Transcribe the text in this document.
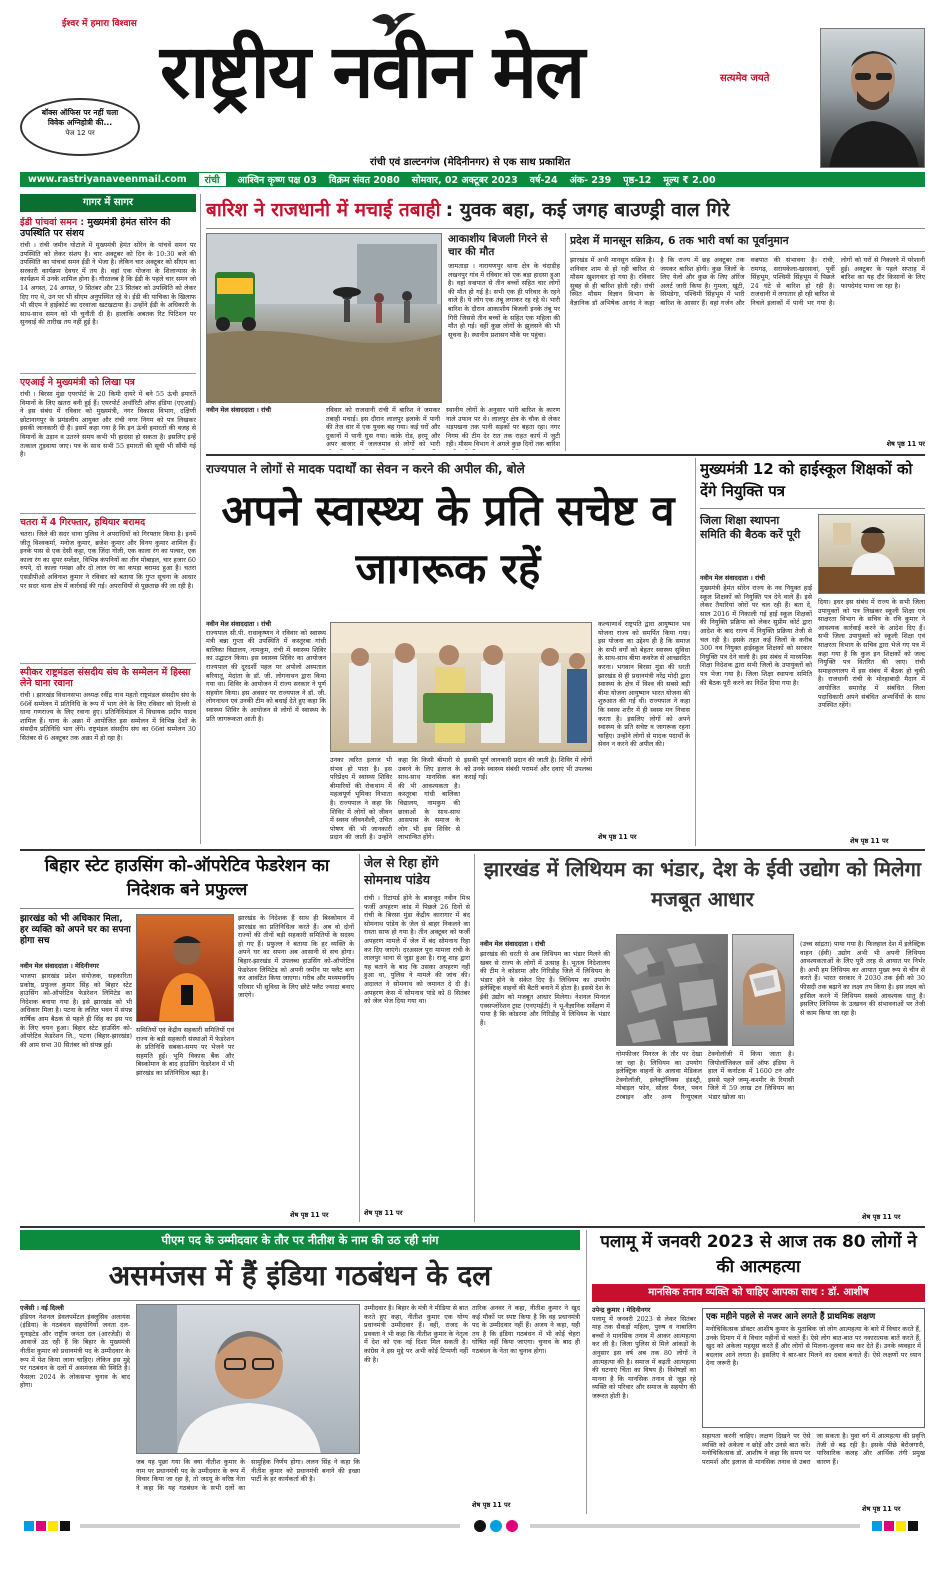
ईश्वर में हमारा विश्वास
राष्ट्रीय नवीन मेल	सत्यमेव जयते
रांची एवं डाल्टनगंज (मेदिनीनगर) से एक साथ प्रकाशित
बॉक्स ऑफिस पर नहीं चला विवेक अग्निहोत्री की...
पेज 12 पर
www.rastriyanaveenmail.com	रांची	आश्विन कृष्ण पक्ष 03 विक्रम संवत 2080 सोमवार, 02 अक्टूबर 2023 वर्ष-24 अंक- 239 पृष्ठ-12 मूल्य ₹ 2.00
गागर में सागर
ईडी पांचवां समन : मुख्यमंत्री हेमंत सोरेन की उपस्थिति पर संशय
रांची । रांची जमीन घोटाले में मुख्यमंत्री हेमंत सोरेन के पांचवें समन पर उपस्थिति को लेकर संशय है। चार अक्टूबर को दिन के 10:30 बजे की उपस्थिति का पांचवां समन ईडी ने भेजा है। लेकिन चार अक्टूबर को सीएम का सरकारी कार्यक्रम देवघर में तय है। वहां एक योजना के शिलान्यास के कार्यक्रम में उनके शामिल होना है। गौरतलब है कि ईडी के पहले चार समन जो 14 अगस्त, 24 अगस्त, 9 सितंबर और 23 सितंबर को उपस्थिति को लेकर दिए गए थे, उन पर भी सीएम अनुपस्थित रहे थे। ईडी की याचिका के खिलाफ भी सीएम ने हाईकोर्ट का दरवाजा खटखटाया है। उन्होंने ईडी के अधिकारी के साथ-साथ समन को भी चुनौती दी है। हालांकि अबतक रिट पिटिशन पर सुनवाई की तारीख तय नहीं हुई है।
एएआई ने मुख्यमंत्री को लिखा पत्र
रांची । बिरसा मुंडा एयरपोर्ट के 20 किमी दायरे में बने 55 ऊंची इमारतें विमानों के लिए खतरा बनी हुई हैं। एयरपोर्ट अथॉरिटी ऑफ इंडिया (एएआई) ने इस संबंध में रविवार को मुख्यमंत्री, नगर विकास विभाग, दक्षिणी छोटानागपुर के प्रमंडलीय आयुक्त और रांची नगर निगम को पत्र लिखकर इसकी जानकारी दी है। इसमें कहा गया है कि इन ऊंची इमारतों की वजह से विमानों के उड़ान व उतरने समय कभी भी हादसा हो सकता है। इसलिए इन्हें तत्काल तुड़वाया जाए। पत्र के साथ सभी 55 इमारतों की सूची भी सौंपी गई है।
चतरा में 4 गिरफ्तार, हथियार बरामद
चतरा। जिले की सदर थाना पुलिस ने अपराधियों को गिरफ्तार किया है। इनमें जीतू विश्वकर्मा, मनोज कुमार, ब्रजेश कुमार और विनय कुमार शामिल हैं। इनके पास से एक देसी कट्टा, एक जिंदा गोली, एक काला रंग का पल्सर, एक काला रंग का सुपर स्प्लेंडर, विभिन्न कंपनियों का तीन मोबाइल, चार हजार 60 रुपये, दो काला गमछा और दो लाल रंग का कपड़ा बरामद हुआ है। चतरा एसडीपीओ अविनाश कुमार ने रविवार को बताया कि गुप्त सूचना के आधार पर सदर थाना क्षेत्र में कार्रवाई की गई। अपराधियों से पूछताछ की जा रही है।
स्पीकर राष्ट्रमंडल संसदीय संघ के सम्मेलन में हिस्सा लेने घाना रवाना
रांची । झारखंड विधानसभा अध्यक्ष रवींद्र नाथ महतो राष्ट्रमंडल संसदीय संघ के 66वें सम्मेलन में प्रतिनिधि के रूप में भाग लेने के लिए रविवार को दिल्ली से घाना गणराज्य के लिए रवाना हुए। प्रतिनिधिमंडल में विधायक प्रदीप यादव शामिल हैं। घाना के अक्रा में आयोजित इस सम्मेलन में विभिन्न देशों के संसदीय प्रतिनिधि भाग लेंगे। राष्ट्रमंडल संसदीय संघ का 66वां सम्मेलन 30 सितंबर से 6 अक्टूबर तक अक्रा में हो रहा है।
बारिश ने राजधानी में मचाई तबाही : युवक बहा, कई जगह बाउण्ड्री वाल गिरे
आकाशीय बिजली गिरने से चार की मौत
जामताड़ा । नारायणपुर थाना क्षेत्र के चंदाडीह लखनपुर गांव में रविवार को एक बड़ा हादसा हुआ है। वहां वज्रपात से तीन बच्चों सहित चार लोगों की मौत हो गई है। सभी एक ही परिवार के रहने वाले हैं। ये लोग एक तंबू लगाकर रह रहे थे। भारी बारिश के दौरान आकाशीय बिजली इनके तंबू पर गिरी जिससे तीन बच्चों के सहित एक महिला की मौत हो गई। वहीं कुछ लोगों के झुलसने की भी सूचना है। स्थानीय प्रशासन मौके पर पहुंचा।
नवीन मेल संवाददाता । रांची	रविवार को राजधानी रांची में बारिश ने जमकर तबाही मचाई। इस दौरान लालपुर इलाके में पानी की तेज धार में एक युवक बह गया। कई घरों और दुकानों में पानी घुस गया। कांके रोड, हरमू और अपर बाजार में जलजमाव से लोगों को भारी
स्थानीय लोगों के अनुसार भारी बारिश के कारण नाले उफान पर थे। लालपुर क्षेत्र के चौक से लेकर थड़पखना तक पानी सड़कों पर बहता रहा। नगर निगम की टीम देर रात तक राहत कार्य में जुटी रही। मौसम विभाग ने अगले कुछ दिनों तक बारिश
प्रदेश में मानसून सक्रिय, 6 तक भारी वर्षा का पूर्वानुमान
झारखंड में अभी मानसून सक्रिय है। शनिवार शाम से हो रही बारिश से मौसम खुशगवार हो गया है। रविवार सुबह से ही बारिश होती रही। रांची स्थित मौसम विज्ञान विभाग के वैज्ञानिक डॉ अभिषेक आनंद ने कहा है कि राज्य में छह अक्टूबर तक जमकर बारिश होगी। कुछ जिलों के लिए येलो और कुछ के लिए ऑरेंज अलर्ट जारी किया है। गुमला, खूंटी, सिमडेगा, पश्चिमी सिंहभूम में भारी बारिश के आसार हैं। वहां गर्जन और वज्रपात की संभावना है। रांची, रामगढ़, सरायकेला-खरसावां, पूर्वी सिंहभूम, पश्चिमी सिंहभूम में पिछले 24 घंटे से बारिश हो रही है। राजधानी में लगातार हो रही बारिश से निचले इलाकों में पानी भर गया है। लोगों को घरों से निकलने में परेशानी हुई। अक्टूबर के पहले सप्ताह में बारिश का यह दौर किसानों के लिए फायदेमंद माना जा रहा है।
शेष पृष्ठ 11 पर
राज्यपाल ने लोगों से मादक पदार्थों का सेवन न करने की अपील की, बोले
अपने स्वास्थ्य के प्रति सचेष्ट व जागरूक रहें
नवीन मेल संवाददाता । रांची
राज्यपाल सी.पी. राधाकृष्णन ने रविवार को स्वास्थ्य मंत्री बन्ना गुप्ता की उपस्थिति में कस्तूरबा गांधी बालिका विद्यालय, नामकुम, रांची में स्वास्थ्य शिविर का उद्घाटन किया। इस स्वास्थ्य शिविर का आयोजन राज्यपाल की दूरदर्शी पहल पर अपोलो अस्पताल बरियातू, मेदांता के डॉ. जी. लोगनाथन द्वारा किया गया था। शिविर के आयोजन में राज्य सरकार ने पूर्ण सहयोग किया। इस अवसर पर राज्यपाल ने डॉ. जी. लोगनाथन एवं उनकी टीम को बधाई देते हुए कहा कि स्वास्थ्य शिविर के आयोजन से लोगों में स्वास्थ्य के प्रति जागरूकता आती है।
उनका त्वरित इलाज भी संभव हो पाता है। इस परिप्रेक्ष्य में स्वास्थ्य शिविर बीमारियों की रोकथाम में महत्वपूर्ण भूमिका निभाता है। राज्यपाल ने कहा कि शिविर में लोगों को जीवन में स्वस्थ जीवनशैली, उचित पोषण की भी जानकारी प्रदान की जाती है। उन्होंने कहा कि किसी बीमारी से उबरने के लिए इलाज के साथ-साथ मानसिक बल की भी आवश्यकता है। कस्तूरबा गांधी बालिका विद्यालय, नामकुम की छात्राओं के साथ-साथ आसपास के समाज के लोग भी इस शिविर से लाभान्वित होंगे।
इसकी पूर्ण जानकारी प्रदान की जाती है। शिविर में लोगों को उनके स्वास्थ्य संबंधी परामर्श और दवाएं भी उपलब्ध कराई गईं।
कल्याणार्थ राष्ट्रपति द्वारा आयुष्मान भव योजना राज्य को समर्पित किया गया। इस योजना का उद्देश्य ही है कि समाज के सभी वर्गों को बेहतर स्वास्थ्य सुविधा के साथ-साथ बीमा कवरेज से आच्छादित करना। भगवान बिरसा मुंडा की धरती झारखंड से ही प्रधानमंत्री नरेंद्र मोदी द्वारा स्वास्थ्य के क्षेत्र में विश्व की सबसे बड़ी बीमा योजना आयुष्मान भारत योजना की शुरुआत की गई थी। राज्यपाल ने कहा कि स्वस्थ शरीर में ही स्वस्थ मन निवास करता है। इसलिए लोगों को अपने स्वास्थ्य के प्रति सचेष्ट व जागरूक रहना चाहिए। उन्होंने लोगों से मादक पदार्थों के सेवन न करने की अपील की।
शेष पृष्ठ 11 पर
मुख्यमंत्री 12 को हाईस्कूल शिक्षकों को देंगे नियुक्ति पत्र
जिला शिक्षा स्थापना समिति की बैठक करें पूरी
नवीन मेल संवाददाता । रांची
मुख्यमंत्री हेमंत सोरेन राज्य के नव नियुक्त हाई स्कूल शिक्षकों को नियुक्ति पत्र देने वाले हैं। इसे लेकर तैयारियां जोरों पर चल रही हैं। बता दें, साल 2016 में निकाली गई हाई स्कूल शिक्षकों की नियुक्ति प्रक्रिया को लेकर सुप्रीम कोर्ट द्वारा आदेश के बाद राज्य में नियुक्ति प्रक्रिया तेजी से चल रही है। इसके तहत कई जिलों के करीब 300 नव नियुक्त हाईस्कूल शिक्षकों को सरकार नियुक्ति पत्र देने वाली है। इस संबंध में माध्यमिक शिक्षा निदेशक द्वारा सभी जिलों के उपायुक्तों को पत्र भेजा गया है। जिला शिक्षा स्थापना समिति की बैठक पूरी करने का निर्देश दिया गया है।
दिया। इधर इस संबंध में राज्य के सभी जिला उपायुक्तों को पत्र लिखकर स्कूली शिक्षा एवं साक्षरता विभाग के सचिव के रवि कुमार ने आवश्यक कार्रवाई करने के आदेश दिए हैं। सभी जिला उपायुक्तों को स्कूली शिक्षा एवं साक्षरता विभाग के सचिव द्वारा भेजे गए पत्र में कहा गया है कि कुल इन शिक्षकों को जल्द नियुक्ति पत्र वितरित की जाए। रांची समाहरणालय में इस संबंध में बैठक हो चुकी है। राजधानी रांची के मोरहाबादी मैदान में आयोजित समारोह में संबंधित जिला पदाधिकारी अपने संबंधित अभ्यर्थियों के साथ उपस्थित रहेंगे।
शेष पृष्ठ 11 पर
बिहार स्टेट हाउसिंग को-ऑपरेटिव फेडरेशन का निदेशक बने प्रफुल्ल
झारखंड को भी अधिकार मिला, हर व्यक्ति को अपने घर का सपना होगा सच
नवीन मेल संवाददाता । मेदिनीनगर
भाजपा झारखंड प्रदेश संयोजक, सहकारिता प्रकोष्ठ, प्रफुल्ल कुमार सिंह को बिहार स्टेट हाउसिंग को-ऑपरेटिव फेडरेशन लिमिटेड का निदेशक बनाया गया है। इसे झारखंड को भी अधिकार मिला है। पटना के ललित भवन में संपन्न वार्षिक आम बैठक से पहले ही सिंह का इस पद के लिए चयन हुआ। बिहार स्टेट हाउसिंग को-ऑपरेटिव फेडरेशन लि., पटना (बिहार-झारखंड) की आम सभा 30 सितंबर को संपन्न हुई।
समितियों एवं केंद्रीय सहकारी समितियों एवं राज्य के बड़ी सहकारी संस्थाओं में फेडरेशन के प्रतिनिधि सबका-समय पर भेजने पर सहमति हुई। भूमि विकास बैंक और बिस्कोमान के बाद हाउसिंग फेडरेशन में भी झारखंड का प्रतिनिधित्व बढ़ा है।
झारखंड के निदेशक हैं साथ ही बिस्कोमान में झारखंड का प्रतिनिधित्व करते हैं। अब वो दोनों राज्यों की तीनों बड़ी सहकारी समितियों के सदस्य हो गए हैं। प्रफुल्ल ने बताया कि हर व्यक्ति के अपने घर का सपना अब आसानी से सच होगा। बिहार-झारखंड में उपलब्ध हाउसिंग को-ऑपरेटिव फेडरेशन लिमिटेड को अपनी जमीन पर फ्लैट बना कर आवंटित किया जाएगा। गरीब और मध्यमवर्गीय परिवार भी सुविधा के लिए छोटे फ्लैट ज्यादा बनाए जाएंगे।
शेष पृष्ठ 11 पर
जेल से रिहा होंगे सोमनाथ पांडेय
रांची । रिटायर्ड होने के बावजूद नवीन मिश्र फर्जी अपहरण कांड में पिछले 26 दिनों से रांची के बिरसा मुंडा केंद्रीय कारागार में बंद सोमनाथ पांडेय के जेल से बाहर निकलने का रास्ता साफ हो गया है। तीन अक्टूबर को फर्जी अपहरण मामले में जेल में बंद सोमनाथ रिहा कर दिए जाएंगे। दरअसल पूरा मामला रांची के लालपुर थाना से जुड़ा हुआ है। राजू शाह द्वारा यह बताने के बाद कि उसका अपहरण नहीं हुआ था, पुलिस ने मामले की जांच की। अदालत ने सोमनाथ को जमानत दे दी है। अपहरण केस में सोमनाथ पांडे को 8 सितंबर को जेल भेज दिया गया था।
शेष पृष्ठ 11 पर
झारखंड में लिथियम का भंडार, देश के ईवी उद्योग को मिलेगा मजबूत आधार
नवीन मेल संवाददाता । रांची
झारखंड की धरती से अब लिथियम का भंडार मिलने की खबर से राज्य के लोगों में उत्साह है। भूतत्व निदेशालय की टीम ने कोडरमा और गिरिडीह जिले में लिथियम के भंडार होने के संकेत दिए हैं। लिथियम का उपयोग इलेक्ट्रिक वाहनों की बैटरी बनाने में होता है। इससे देश के ईवी उद्योग को मजबूत आधार मिलेगा। नेशनल मिनरल एक्सप्लोरेशन ट्रस्ट (एनएमईटी) ने भू-वैज्ञानिक सर्वेक्षण में पाया है कि कोडरमा और गिरिडीह में लिथियम के भंडार हैं।
गोमफीजर मिनरल के तौर पर देखा जा रहा है। लिथियम का उपयोग इलेक्ट्रिक वाहनों के अलावा मेडिकल टेक्नोलॉजी, इलेक्ट्रॉनिक्स इंडस्ट्री, मोबाइल फोन, सोलर पैनल, पवन टरबाइन और अन्य रिन्यूएबल टेक्नोलॉजी में किया जाता है। जियोलॉजिकल सर्वे ऑफ इंडिया ने हाल में कर्नाटक में 1600 टन और इससे पहले जम्मू-कश्मीर के रियासी जिले में 59 लाख टन लिथियम का भंडार खोजा था।
(उच्च सांद्रता) पाया गया है। फिलहाल देश में इलेक्ट्रिक वाहन (ईवी) उद्योग अभी भी अपनी लिथियम आवश्यकताओं के लिए पूरी तरह से आयात पर निर्भर है। अभी हम लिथियम का आयात मुख्य रूप से चीन से करते हैं। भारत सरकार ने 2030 तक ईवी को 30 फीसदी तक बढ़ाने का लक्ष्य तय किया है। इस लक्ष्य को हासिल करने में लिथियम सबसे आवश्यक धातु है। इसलिए लिथियम के उत्खनन की संभावनाओं पर तेजी से काम किया जा रहा है।
शेष पृष्ठ 11 पर
पीएम पद के उम्मीदवार के तौर पर नीतीश के नाम की उठ रही मांग
असमंजस में हैं इंडिया गठबंधन के दल
एजेंसी । नई दिल्ली
इंडियन नेशनल डेवलपमेंटल इंक्लूसिव अलायंस (इंडिया) के गठबंधन सहयोगियों जनता दल-यूनाइटेड और राष्ट्रीय जनता दल (आरजेडी) से आवाजें उठ रही हैं कि बिहार के मुख्यमंत्री नीतीश कुमार को प्रधानमंत्री पद के उम्मीदवार के रूप में पेश किया जाना चाहिए। लेकिन इस मुद्दे पर गठबंधन के दलों में असमंजस की स्थिति है। फैसला 2024 के लोकसभा चुनाव के बाद होगा।
जब यह पूछा गया कि क्या नीतीश कुमार के नाम पर प्रधानमंत्री पद के उम्मीदवार के रूप में विचार किया जा रहा है, तो जदयू के वरिष्ठ नेता ने कहा कि यह गठबंधन के सभी दलों का सामूहिक निर्णय होगा। ललन सिंह ने कहा कि नीतीश कुमार को प्रधानमंत्री बनाने की इच्छा पार्टी के हर कार्यकर्ता की है।
उम्मीदवार है। बिहार के मंत्री ने मीडिया से बात करते हुए कहा, नीतीश कुमार एक योग्य प्रधानमंत्री उम्मीदवार हैं। वहीं, राजद के प्रवक्ता ने भी कहा कि नीतीश कुमार के नेतृत्व में देश को एक नई दिशा मिल सकती है। कांग्रेस ने इस मुद्दे पर अभी कोई टिप्पणी नहीं की है।
तारिक अनवर ने कहा, नीतीश कुमार ने खुद कई मौकों पर स्पष्ट किया है कि वह प्रधानमंत्री पद के उम्मीदवार नहीं हैं। अजय ने कहा, यही तय है कि इंडिया गठबंधन में भी कोई चेहरा घोषित नहीं किया जाएगा। चुनाव के बाद ही गठबंधन के नेता का चुनाव होगा।
शेष पृष्ठ 11 पर
पलामू में जनवरी 2023 से आज तक 80 लोगों ने की आत्महत्या
मानसिक तनाव व्यक्ति को चाहिए आपका साथ : डॉ. आशीष
उपेन्द्र कुमार । मेदिनीनगर
पलामू में जनवरी 2023 से लेकर सितंबर माह तक सैकड़ों महिला, पुरुष व नाबालिग बच्चों ने मानसिक तनाव में आकर आत्महत्या कर ली है। जिला पुलिस से मिले आंकड़ों के अनुसार इस वर्ष अब तक 80 लोगों ने आत्महत्या की है। समाज में बढ़ती आत्महत्या की घटनाएं चिंता का विषय हैं। विशेषज्ञों का मानना है कि मानसिक तनाव से जूझ रहे व्यक्ति को परिवार और समाज के सहयोग की जरूरत होती है।
एक महीने पहले से नजर आने लगते हैं प्राथमिक लक्षण
मनोचिकित्सक डॉक्टर आशीष कुमार के मुताबिक जो लोग आत्महत्या के बारे में विचार करते हैं, उनके दिमाग में ये विचार महीनों से चलते हैं। ऐसे लोग बात-बात पर नकारात्मक बातें करते हैं, खुद को अकेला महसूस करते हैं और लोगों से मिलना-जुलना कम कर देते हैं। उनके व्यवहार में बदलाव आने लगता है। इसलिए ये बार-बार मिलने का दबाव बनाते हैं। ऐसे लक्षणों पर ध्यान देना जरूरी है।
सहायता करनी चाहिए। लक्षण दिखने पर ऐसे व्यक्ति को अकेला न छोड़ें और उनसे बात करें। मनोचिकित्सक डॉ. आशीष ने कहा कि समय पर परामर्श और इलाज से मानसिक तनाव से उबरा जा सकता है। युवा वर्ग में आत्महत्या की प्रवृत्ति तेजी से बढ़ रही है। इसके पीछे बेरोजगारी, पारिवारिक कलह और आर्थिक तंगी प्रमुख कारण हैं।
शेष पृष्ठ 11 पर
